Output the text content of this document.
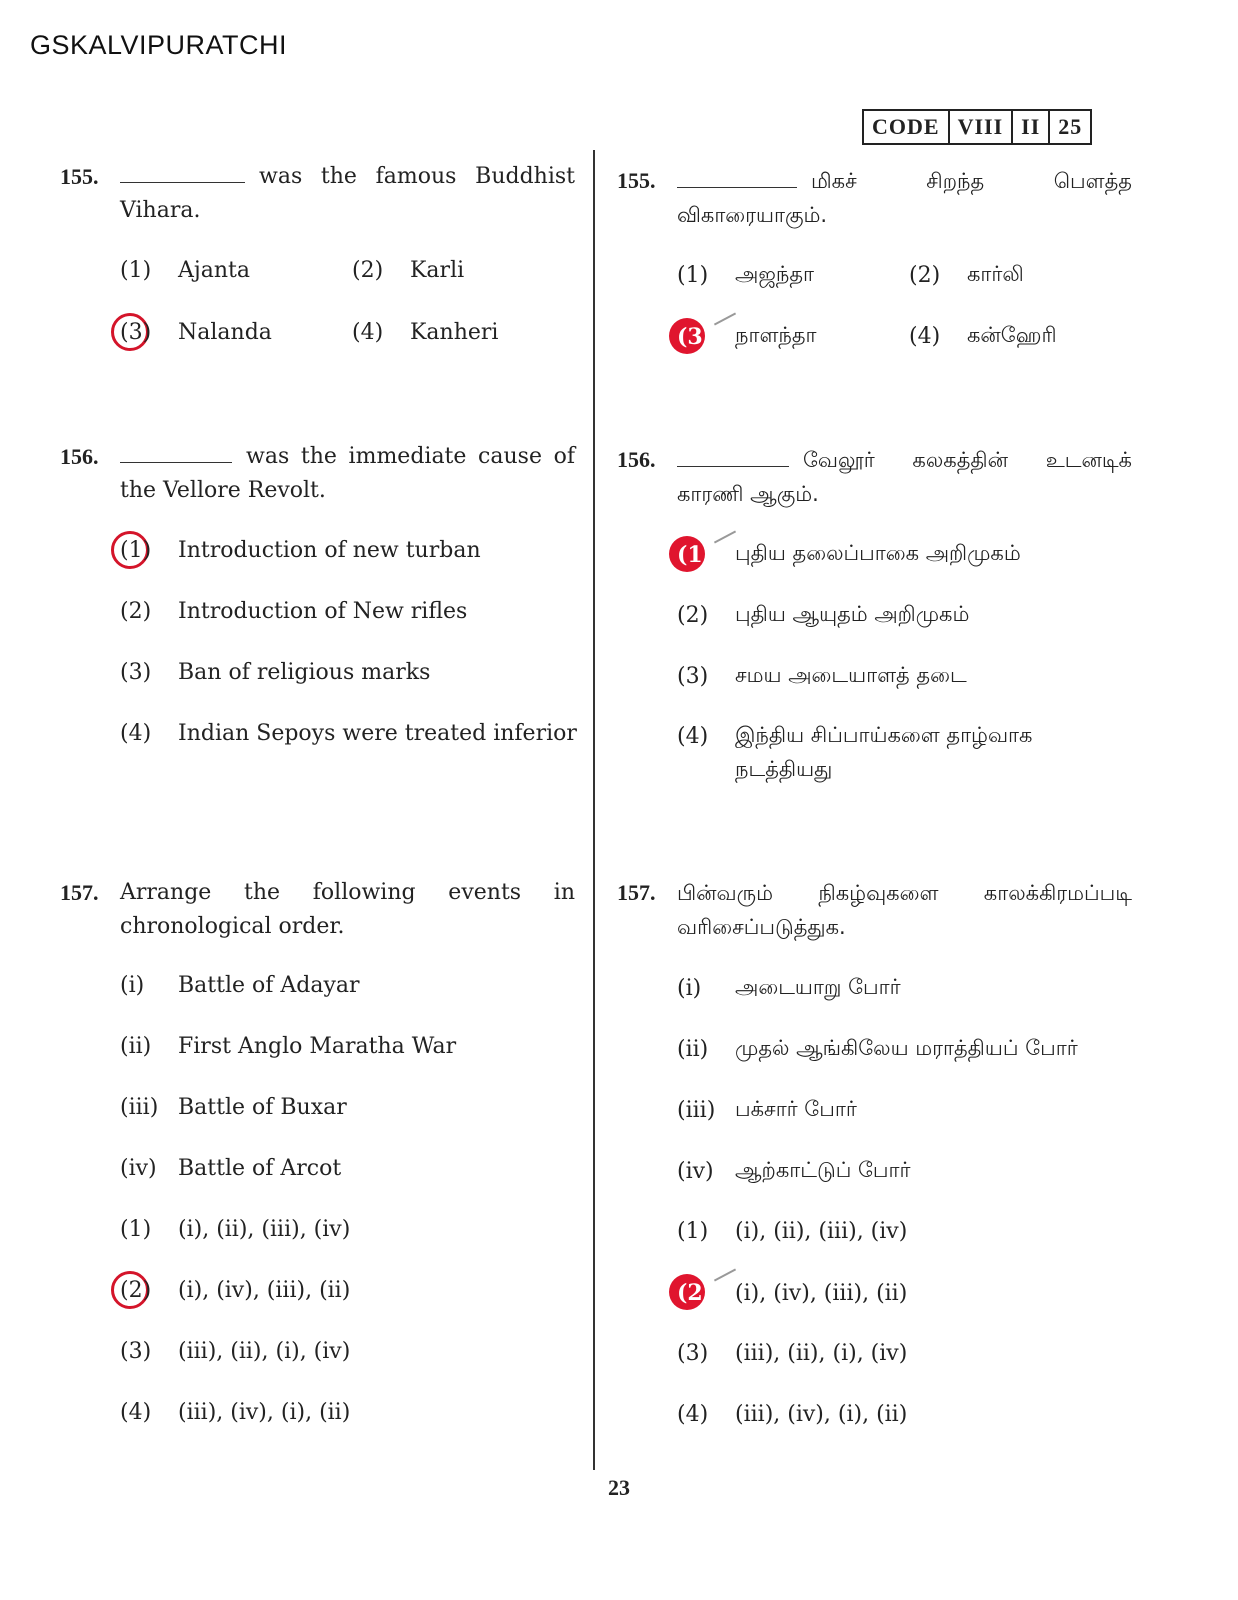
GSKALVIPURATCHI
CODE VIII II 25
155.	was the famous Buddhist Vihara.
(1)	Ajanta	(2)	Karli
(3)	Nalanda	(4)	Kanheri
156.	was the immediate cause of the Vellore Revolt.
(1)	Introduction of new turban
(2)	Introduction of New rifles
(3)	Ban of religious marks
(4)	Indian Sepoys were treated inferior
157. Arrange the following events in chronological order.
(i)	Battle of Adayar
(ii)	First Anglo Maratha War
(iii) Battle of Buxar
(iv) Battle of Arcot
(1)	(i), (ii), (iii), (iv)
(2)	(i), (iv), (iii), (ii)
(3)	(iii), (ii), (i), (iv)
(4)	(iii), (iv), (i), (ii)
155.	மிகச் சிறந்த பௌத்த விகாரையாகும்.
(1)	அஜந்தா	(2)	கார்லி
(3)	நாளந்தா	(4)	கன்ஹேரி
156.	வேலூர் கலகத்தின் உடனடிக் காரணி ஆகும்.
(1)	புதிய தலைப்பாகை அறிமுகம்
(2)	புதிய ஆயுதம் அறிமுகம்
(3)	சமய அடையாளத் தடை
(4)	இந்திய சிப்பாய்களை தாழ்வாக நடத்தியது
157.	பின்வரும் நிகழ்வுகளை காலக்கிரமப்படி வரிசைப்படுத்துக.
(i)	அடையாறு போர்
(ii)	முதல் ஆங்கிலேய மராத்தியப் போர்
(iii) பக்சார் போர்
(iv)	ஆற்காட்டுப் போர்
(1)	(i), (ii), (iii), (iv)
(2) (i), (iv), (iii), (ii)
(3)	(iii), (ii), (i), (iv)
(4)	(iii), (iv), (i), (ii)
23
